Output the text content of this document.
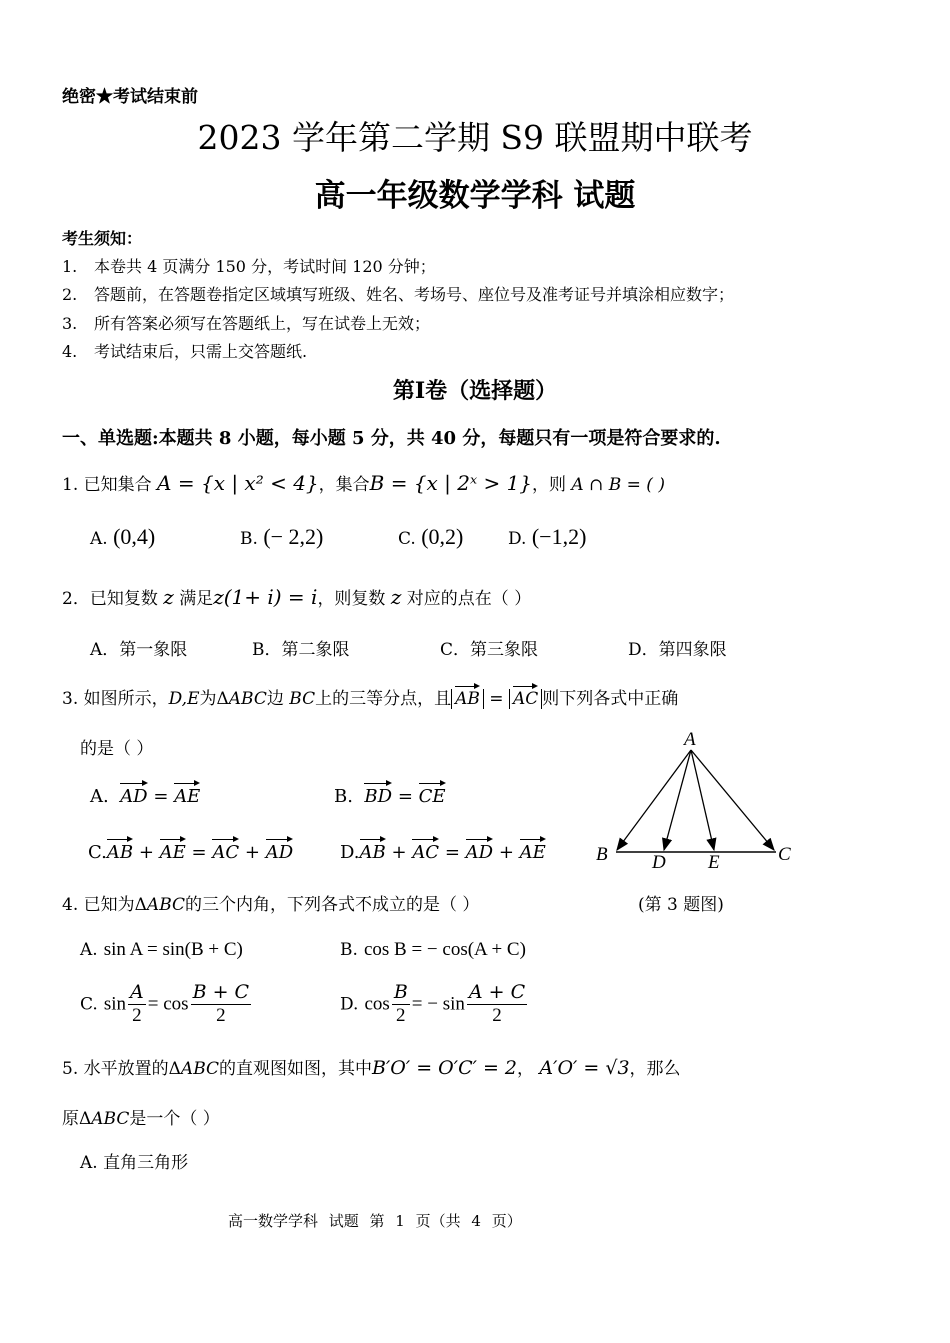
绝密★考试结束前
2023 学年第二学期 S9 联盟期中联考
高一年级数学学科 试题
考生须知：
1. 本卷共 4 页满分 150 分，考试时间 120 分钟；
2. 答题前，在答题卷指定区域填写班级、姓名、考场号、座位号及准考证号并填涂相应数字；
3. 所有答案必须写在答题纸上，写在试卷上无效；
4. 考试结束后，只需上交答题纸.
第Ⅰ卷（选择题）
一、单选题:本题共 8 小题，每小题 5 分，共 40 分，每题只有一项是符合要求的.
1. 已知集合 A = {x | x² < 4}，集合B = {x | 2ˣ > 1}，则 A ∩ B = ( )
A. (0,4)	B. (− 2,2)	C. (0,2)	D. (−1,2)
2．已知复数 z 满足z(1+ i) = i，则复数 z 对应的点在（ ）
A．第一象限	B．第二象限	C．第三象限	D．第四象限
3. 如图所示，D,E为ΔABC边 BC上的三等分点，且 AB = AC 则下列各式中正确
的是（ ）
A. AD = AE	B. BD = CE
C.AB + AE = AC + AD	D.AB + AC = AD + AE
A
B D E	C
4. 已知为ΔABC的三个内角，下列各式不成立的是（ ）	(第 3 题图)
A. sin A = sin(B + C)	B. cos B = − cos(A + C)
C. $\sin \frac{A}{2} = \cos \frac{B + C}{2}$	D. $\cos \frac{B}{2}$ = − $\sin \frac{A + C}{2}$
5. 水平放置的ΔABC的直观图如图，其中B′O′ = O′C′ = 2， A′O′ = √3，那么
原ΔABC是一个（ ）
A. 直角三角形
高一数学学科 试题 第 1 页（共 4 页）
